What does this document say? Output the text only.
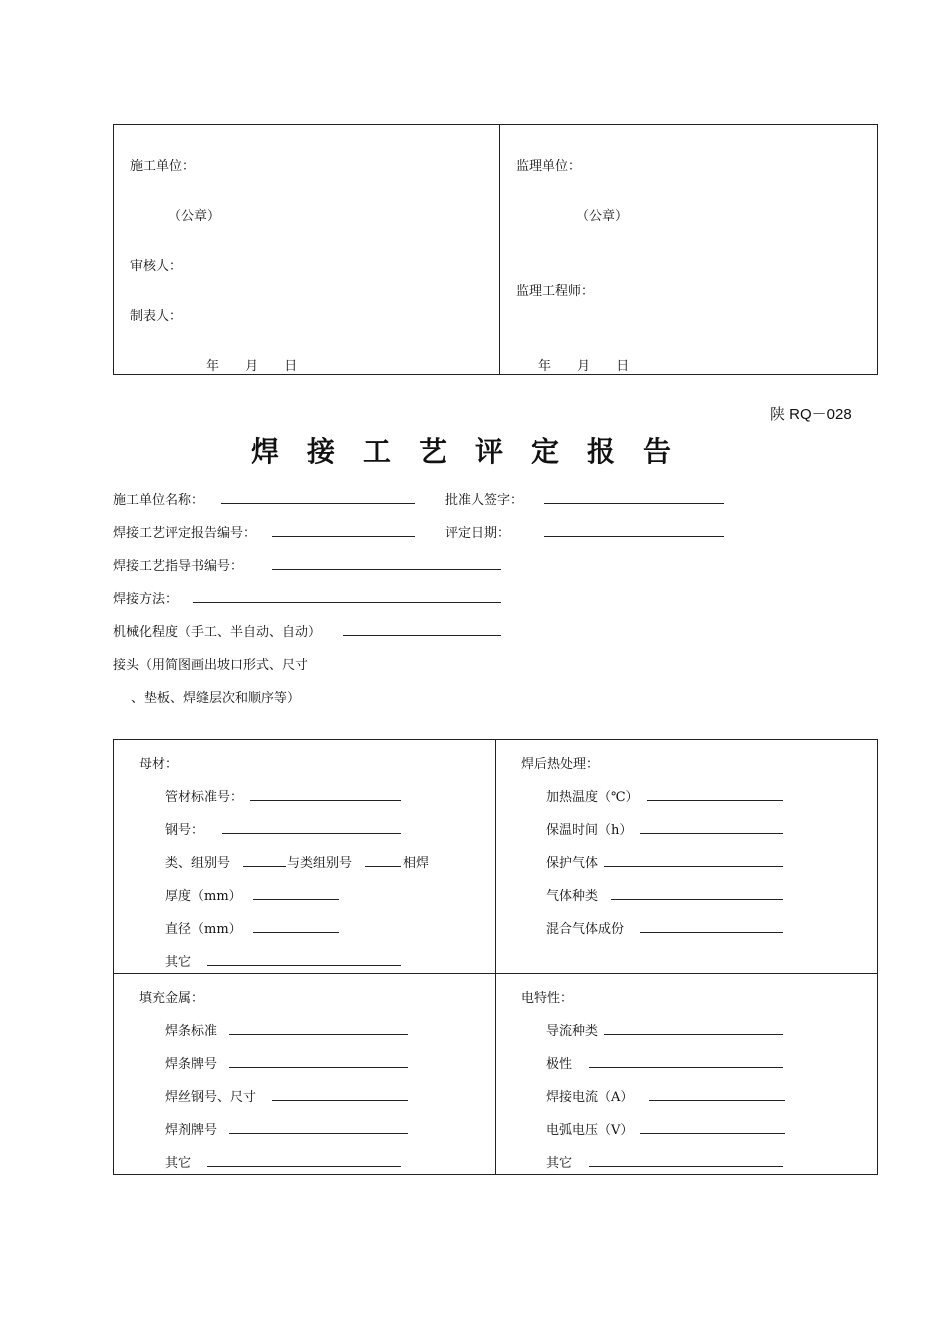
施工单位：
（公章）
审核人：
制表人：
年 月 日
监理单位：
（公章）
监理工程师：
年 月 日
陕 RQ－028
焊接工艺评定报告
施工单位名称：	批准人签字：
焊接工艺评定报告编号：	评定日期：
焊接工艺指导书编号：
焊接方法：
机械化程度（手工、半自动、自动）
接头（用简图画出坡口形式、尺寸
、垫板、焊缝层次和顺序等）
母材：
管材标准号：
钢号：
类、组别号	与类组别号	相焊
厚度（mm）
直径（mm）
其它
焊后热处理：
加热温度（℃）
保温时间（h）
保护气体
气体种类
混合气体成份
填充金属：
焊条标准
焊条牌号
焊丝钢号、尺寸
焊剂牌号
其它
电特性：
导流种类
极性
焊接电流（A）
电弧电压（V）
其它
